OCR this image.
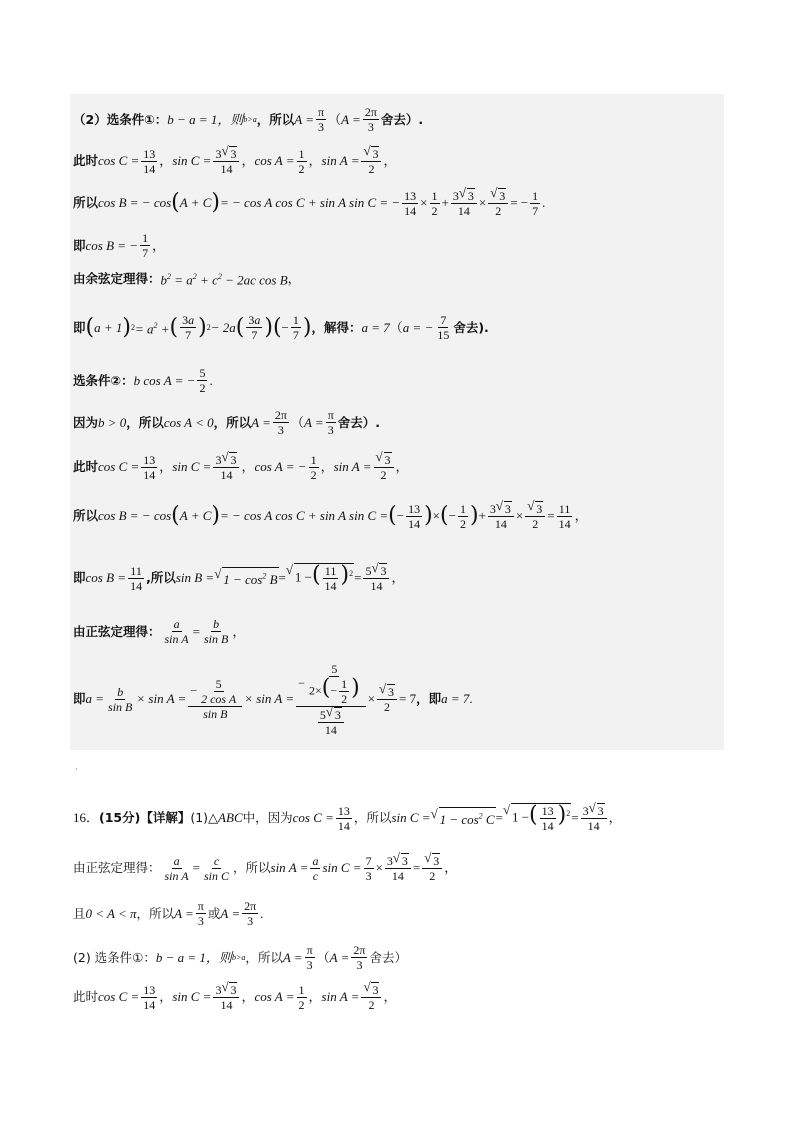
（2）选条件①： b − a = 1，则 b>a ，所以 $A = \frac{\pi}{3}$ （ $A = \frac{2\pi}{3}$ 舍去）.
此时 $\cos C = \frac{13}{14}$ ， $\sin C = \frac{3 √ 3}{14}$ ， $\cos A = \frac{1}{2}$ ， sin A = √ $\frac{3}{2}$ ，
所以 cos B = − cos ( A + C ) = − cos A cos C + sin A sin C = − $\frac{13}{14} \times \frac{1}{2} + \frac{3 √ 3}{14}$ × √ $\frac{3}{2}$ = − $\frac{1}{7}$ .
即 cos B = − $\frac{1}{7}$ ，
由余弦定理得： $b^2 = a^2 + c^2 - 2ac$ cos B ，
即 ( a + 1 ) $2 = a^2$ + ( $\frac{3a}{7}$ ) 2 − 2a ( $\frac{3a}{7}$ ) ( − $\frac{1}{7}$ ) ，解得： a = 7 （ a = − $\frac{7}{15}$ 舍去).
选条件②： b cos A = − $\frac{5}{2}$ .
因为 b > 0 ，所以 cos A < 0 ，所以 $A = \frac{2\pi}{3}$ （ $A = \frac{\pi}{3}$ 舍去）.
此时 $\cos C = \frac{13}{14}$ ， $\sin C = \frac{3 √ 3}{14}$ ， cos A = − $\frac{1}{2}$ ， sin A = √ $\frac{3}{2}$ ，
所以 cos B = − cos ( A + C ) = − cos A cos C + sin A sin C = ( − $\frac{13}{14}$ ) × ( − $\frac{1}{2}$ ) + $\frac{3 √ 3}{14}$ × √ $\frac{3}{2} = \frac{11}{14}$ ，
即 $\cos B = \frac{11}{14}$ ,所以 sin B = √ $1 - \cos^2 B$ = √ 1 −( $\frac{11}{14} )^2 = \frac{5 √ 3}{14}$ ，
由正弦定理得： $\frac{a}{\text{sin A}} = \frac{b}{\text{sin B}}$ ，
即 $a = \frac{b}{\text{sin B}} \times \sin A = \frac{- \frac{5}{\text{2 cos A}}}{\text{sin B}} \times \sin A = \frac{- \frac{5}{2\times(- \frac{1}{2} )}}{\frac{5 √ 3}{14}}$ × √ $\frac{3}{2} = 7$ ，即 a = 7 .
·
16． (15分)【详解】 (1) △ABC 中，因为 $\cos C = \frac{13}{14}$ ，所以 sin C = √ $1 - \cos^2 C$ = √ 1 −( $\frac{13}{14} )^2 = \frac{3 √ 3}{14}$ ，
由正弦定理得： $\frac{a}{\text{sin A}} = \frac{c}{\text{sin C}}$ ，所以 $\sin A = \frac{a}{c}$ $\sin C = \frac{7}{3} \times \frac{3 √ 3}{14}$ = √ $\frac{3}{2}$ ，
且 0 < A < π ，所以 $A = \frac{\pi}{3}$ 或 $A = \frac{2\pi}{3}$ .
(2) 选条件①： b − a = 1，则 b>a ，所以 $A = \frac{\pi}{3}$ （ $A = \frac{2\pi}{3}$ 舍去）
此时 $\cos C = \frac{13}{14}$ ， $\sin C = \frac{3 √ 3}{14}$ ， $\cos A = \frac{1}{2}$ ， sin A = √ $\frac{3}{2}$ ，
